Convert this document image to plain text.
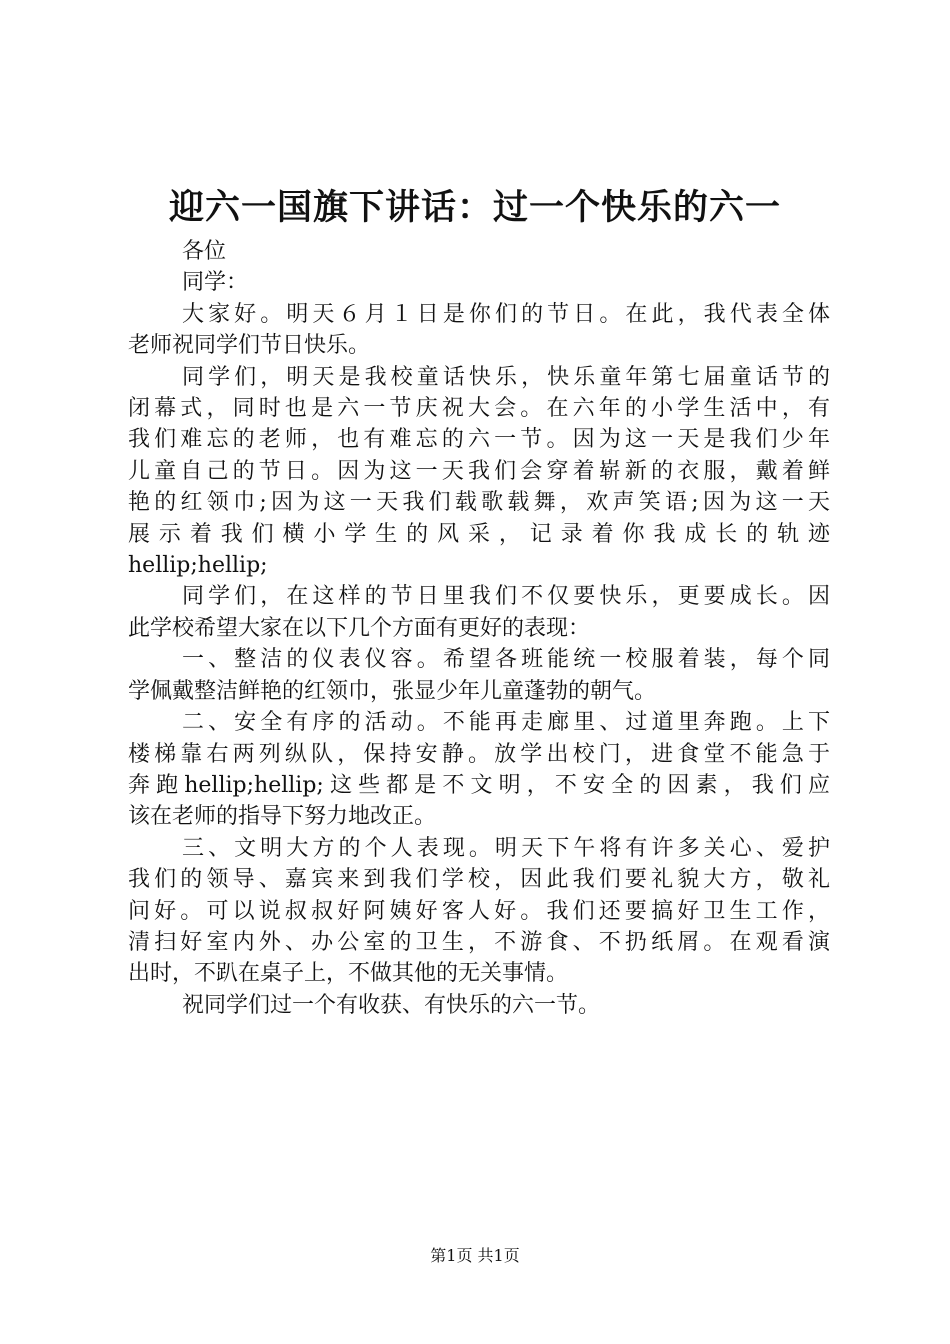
迎六一国旗下讲话：过一个快乐的六一
各位
同学：
大家好。明天６月１日是你们的节日。在此，我代表全体
老师祝同学们节日快乐。
同学们，明天是我校童话快乐，快乐童年第七届童话节的
闭幕式，同时也是六一节庆祝大会。在六年的小学生活中，有
我们难忘的老师，也有难忘的六一节。因为这一天是我们少年
儿童自己的节日。因为这一天我们会穿着崭新的衣服，戴着鲜
艳的红领巾;因为这一天我们载歌载舞，欢声笑语;因为这一天
展示着我们横小学生的风采，记录着你我成长的轨迹
hellip;hellip;
同学们，在这样的节日里我们不仅要快乐，更要成长。因
此学校希望大家在以下几个方面有更好的表现：
一、整洁的仪表仪容。希望各班能统一校服着装，每个同
学佩戴整洁鲜艳的红领巾，张显少年儿童蓬勃的朝气。
二、安全有序的活动。不能再走廊里、过道里奔跑。上下
楼梯靠右两列纵队，保持安静。放学出校门，进食堂不能急于
奔跑hellip;hellip;这些都是不文明，不安全的因素，我们应
该在老师的指导下努力地改正。
三、文明大方的个人表现。明天下午将有许多关心、爱护
我们的领导、嘉宾来到我们学校，因此我们要礼貌大方，敬礼
问好。可以说叔叔好阿姨好客人好。我们还要搞好卫生工作，
清扫好室内外、办公室的卫生，不游食、不扔纸屑。在观看演
出时，不趴在桌子上，不做其他的无关事情。
祝同学们过一个有收获、有快乐的六一节。
第1页 共1页
